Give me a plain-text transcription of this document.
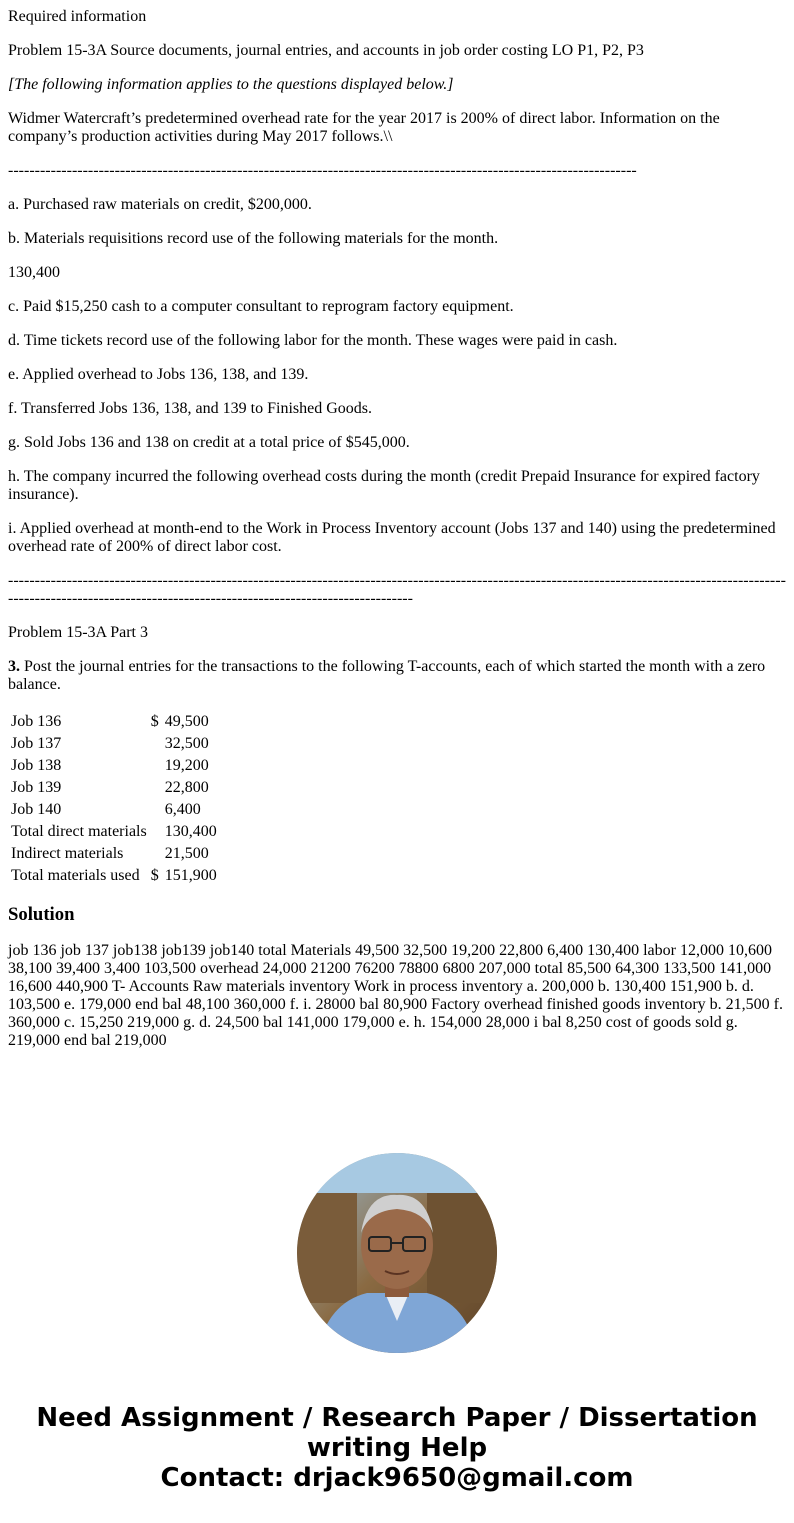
Required information

Problem 15-3A Source documents, journal entries, and accounts in job order costing LO P1, P2, P3

[The following information applies to the questions displayed below.]

Widmer Watercraft’s predetermined overhead rate for the year 2017 is 200% of direct labor. Information on the company’s production activities during May 2017 follows.\\

----------------------------------------------------------------------------------------------------------------------

a. Purchased raw materials on credit, $200,000.

b. Materials requisitions record use of the following materials for the month.

130,400

c. Paid $15,250 cash to a computer consultant to reprogram factory equipment.

d. Time tickets record use of the following labor for the month. These wages were paid in cash.

e. Applied overhead to Jobs 136, 138, and 139.

f. Transferred Jobs 136, 138, and 139 to Finished Goods.

g. Sold Jobs 136 and 138 on credit at a total price of $545,000.

h. The company incurred the following overhead costs during the month (credit Prepaid Insurance for expired factory insurance).

i. Applied overhead at month-end to the Work in Process Inventory account (Jobs 137 and 140) using the predetermined overhead rate of 200% of direct labor cost.

------------------------------------------------------------------------------------------------------------------------------------------------------------------------------------------------------------------------------

Problem 15-3A Part 3

3. Post the journal entries for the transactions to the following T-accounts, each of which started the month with a zero balance.

Job 136	$	49,500
Job 137		32,500
Job 138		19,200
Job 139		22,800
Job 140		6,400
Total direct materials		130,400
Indirect materials		21,500
Total materials used	$	151,900
Solution

job 136 job 137 job138 job139 job140 total Materials 49,500 32,500 19,200 22,800 6,400 130,400 labor 12,000 10,600 38,100 39,400 3,400 103,500 overhead 24,000 21200 76200 78800 6800 207,000 total 85,500 64,300 133,500 141,000 16,600 440,900 T- Accounts Raw materials inventory Work in process inventory a. 200,000 b. 130,400 151,900 b. d. 103,500 e. 179,000 end bal 48,100 360,000 f. i. 28000 bal 80,900 Factory overhead finished goods inventory b. 21,500 f. 360,000 c. 15,250 219,000 g. d. 24,500 bal 141,000 179,000 e. h. 154,000 28,000 i bal 8,250 cost of goods sold g. 219,000 end bal 219,000

Need Assignment / Research Paper / Dissertation
writing Help
Contact: drjack9650@gmail.com
